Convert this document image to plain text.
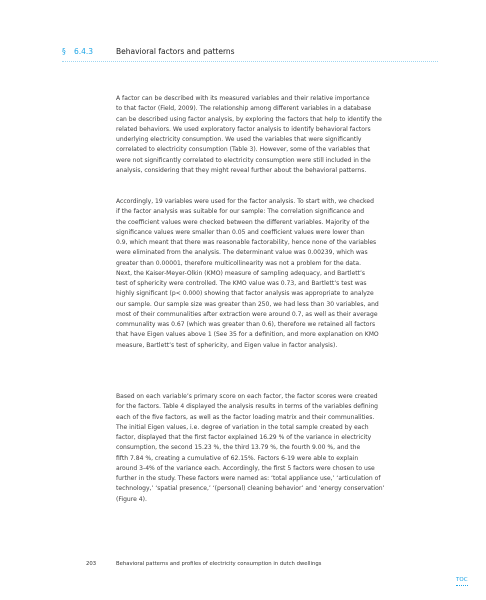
§	6.4.3	Behavioral factors and patterns

A factor can be described with its measured variables and their relative importance

to that factor (Field, 2009). The relationship among different variables in a database

can be described using factor analysis, by exploring the factors that help to identify the

related behaviors. We used exploratory factor analysis to identify behavioral factors

underlying electricity consumption. We used the variables that were significantly

correlated to electricity consumption (Table 3). However, some of the variables that

were not significantly correlated to electricity consumption were still included in the

analysis, considering that they might reveal further about the behavioral patterns.

Accordingly, 19 variables were used for the factor analysis. To start with, we checked

if the factor analysis was suitable for our sample: The correlation significance and

the coefficient values were checked between the different variables. Majority of the

significance values were smaller than 0.05 and coefficient values were lower than

0.9, which meant that there was reasonable factorability, hence none of the variables

were eliminated from the analysis. The determinant value was 0.00239, which was

greater than 0.00001, therefore multicollinearity was not a problem for the data.

Next, the Kaiser-Meyer-Olkin (KMO) measure of sampling adequacy, and Bartlett’s

test of sphericity were controlled. The KMO value was 0.73, and Bartlett’s test was

highly significant (p< 0.000) showing that factor analysis was appropriate to analyze

our sample. Our sample size was greater than 250, we had less than 30 variables, and

most of their communalities after extraction were around 0.7, as well as their average

communality was 0.67 (which was greater than 0.6), therefore we retained all factors

that have Eigen values above 1 (See 35 for a definition, and more explanation on KMO

measure, Bartlett’s test of sphericity, and Eigen value in factor analysis).

Based on each variable’s primary score on each factor, the factor scores were created

for the factors. Table 4 displayed the analysis results in terms of the variables defining

each of the five factors, as well as the factor loading matrix and their communalities.

The initial Eigen values, i.e. degree of variation in the total sample created by each

factor, displayed that the first factor explained 16.29 % of the variance in electricity

consumption, the second 15.23 %, the third 13.79 %, the fourth 9.00 %, and the

fifth 7.84 %, creating a cumulative of 62.15%. Factors 6-19 were able to explain

around 3-4% of the variance each. Accordingly, the first 5 factors were chosen to use

further in the study. These factors were named as: ‘total appliance use,’ ‘articulation of

technology,’ ‘spatial presence,’ ‘(personal) cleaning behavior’ and ‘energy conservation’

(Figure 4).

203	Behavioral patterns and profiles of electricity consumption in dutch dwellings
TOC
